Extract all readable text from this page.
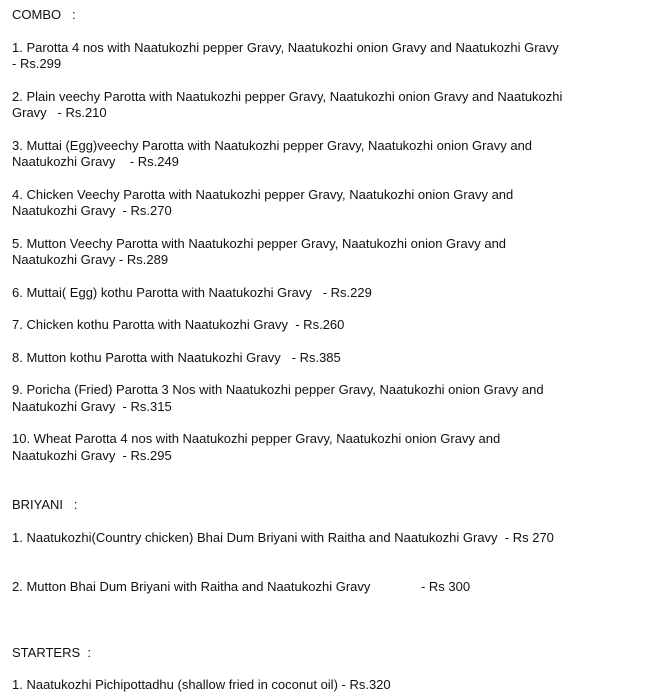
COMBO   :

1. Parotta 4 nos with Naatukozhi pepper Gravy, Naatukozhi onion Gravy and Naatukozhi Gravy
- Rs.299

2. Plain veechy Parotta with Naatukozhi pepper Gravy, Naatukozhi onion Gravy and Naatukozhi
Gravy   - Rs.210

3. Muttai (Egg)veechy Parotta with Naatukozhi pepper Gravy, Naatukozhi onion Gravy and
Naatukozhi Gravy    - Rs.249

4. Chicken Veechy Parotta with Naatukozhi pepper Gravy, Naatukozhi onion Gravy and
Naatukozhi Gravy  - Rs.270

5. Mutton Veechy Parotta with Naatukozhi pepper Gravy, Naatukozhi onion Gravy and
Naatukozhi Gravy - Rs.289

6. Muttai( Egg) kothu Parotta with Naatukozhi Gravy   - Rs.229

7. Chicken kothu Parotta with Naatukozhi Gravy  - Rs.260

8. Mutton kothu Parotta with Naatukozhi Gravy   - Rs.385

9. Poricha (Fried) Parotta 3 Nos with Naatukozhi pepper Gravy, Naatukozhi onion Gravy and
Naatukozhi Gravy  - Rs.315

10. Wheat Parotta 4 nos with Naatukozhi pepper Gravy, Naatukozhi onion Gravy and
Naatukozhi Gravy  - Rs.295

BRIYANI   :

1. Naatukozhi(Country chicken) Bhai Dum Briyani with Raitha and Naatukozhi Gravy  - Rs 270

2. Mutton Bhai Dum Briyani with Raitha and Naatukozhi Gravy              - Rs 300

STARTERS  :

1. Naatukozhi Pichipottadhu (shallow fried in coconut oil) - Rs.320
